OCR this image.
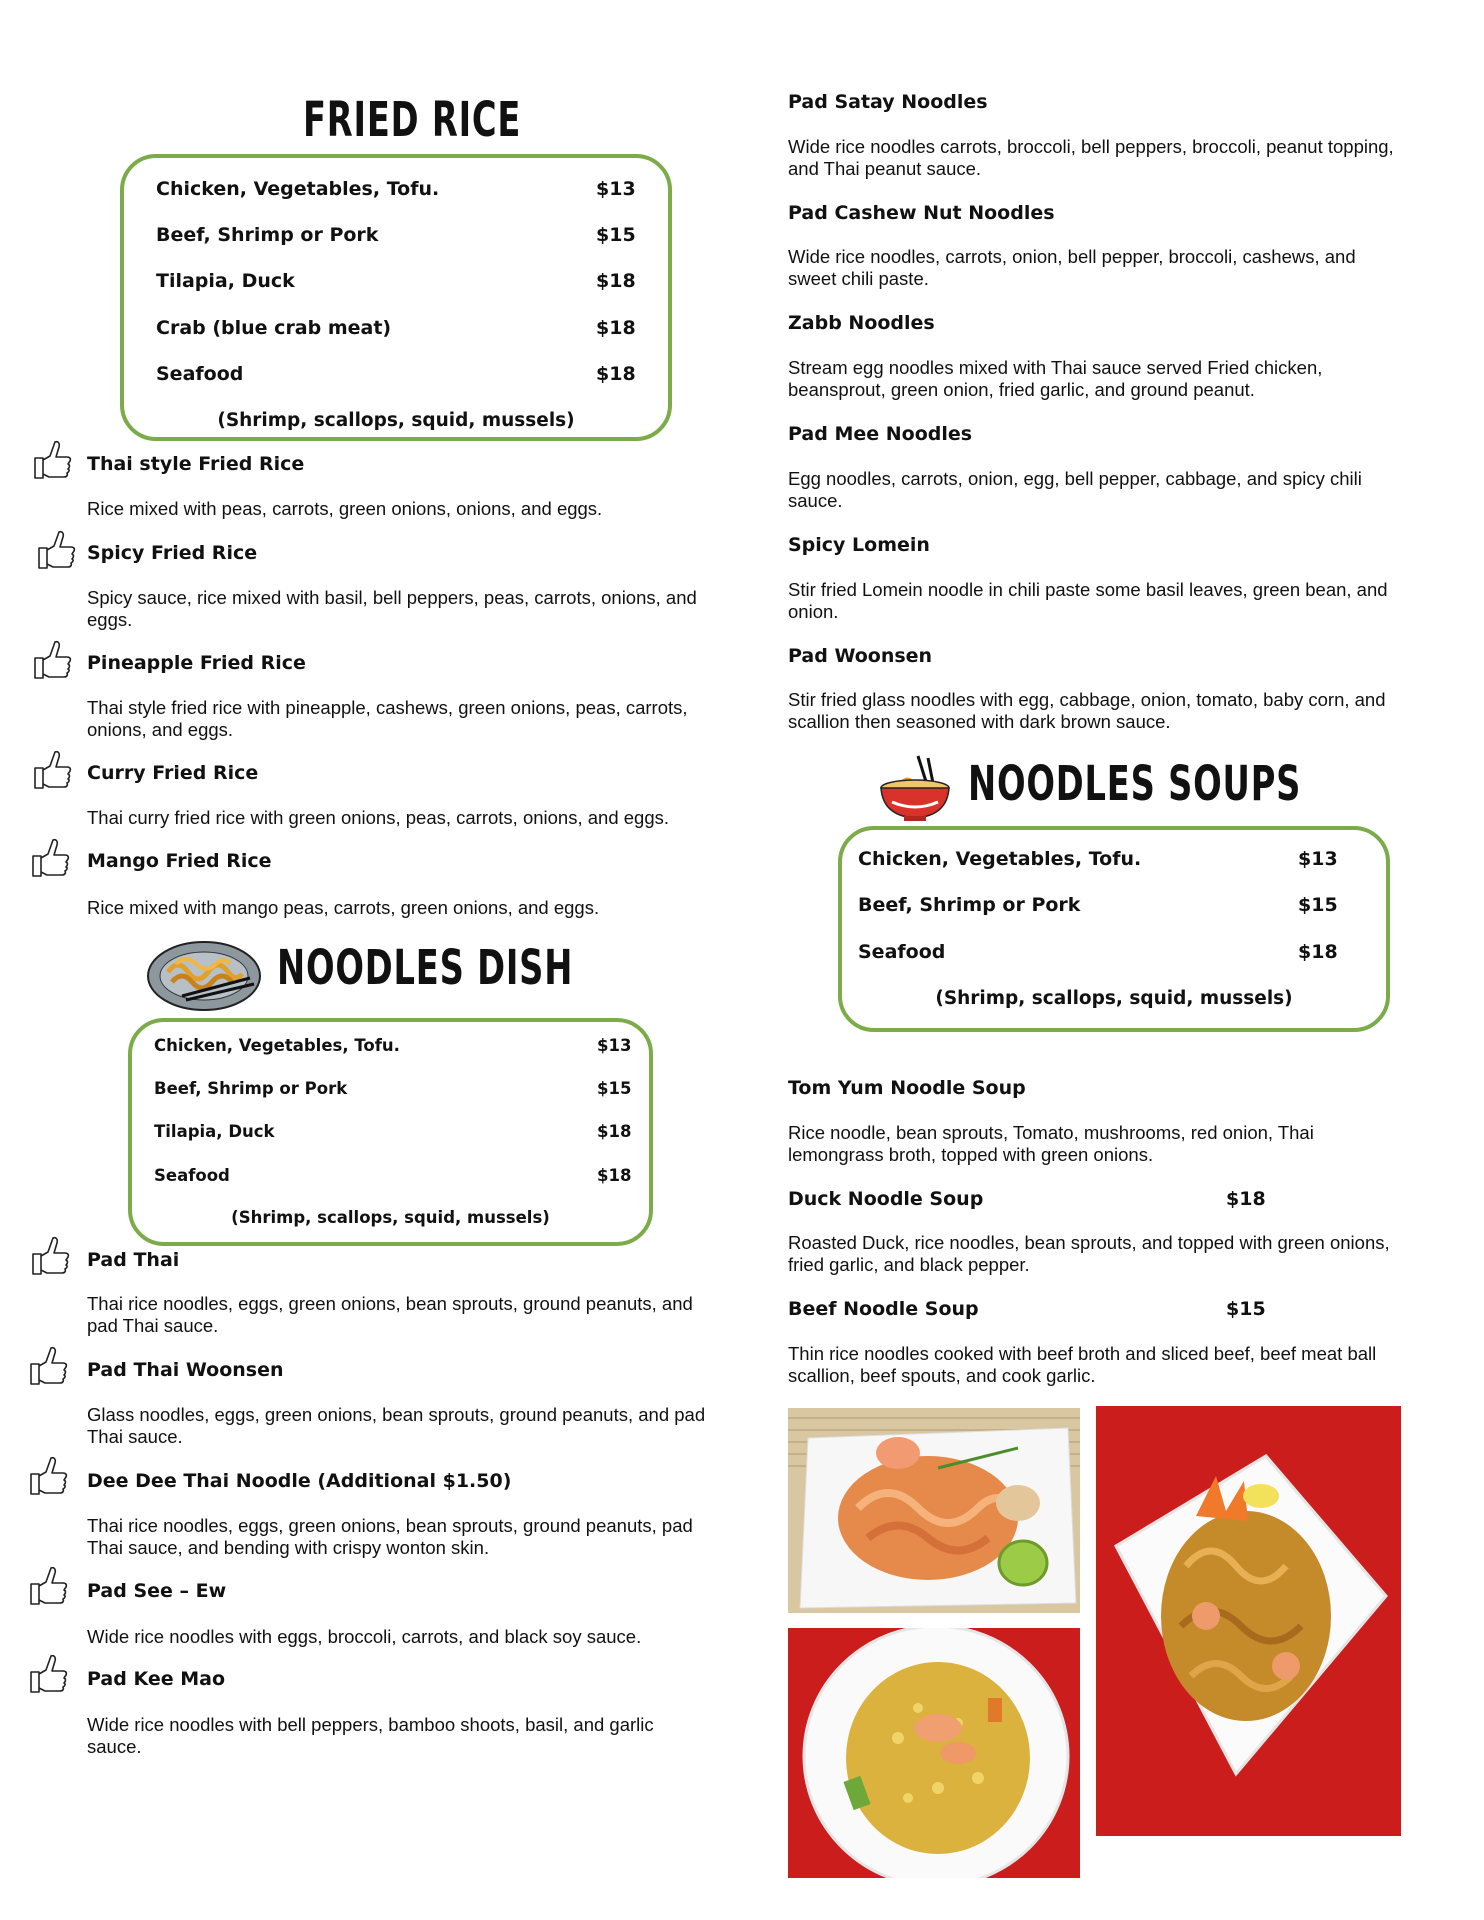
FRIED RICE
Chicken, Vegetables, Tofu.	$13
Beef, Shrimp or Pork	$15
Tilapia, Duck	$18
Crab (blue crab meat)	$18
Seafood	$18
(Shrimp, scallops, squid, mussels)
Thai style Fried Rice
Rice mixed with peas, carrots, green onions, onions, and eggs.
Spicy Fried Rice
Spicy sauce, rice mixed with basil, bell peppers, peas, carrots, onions, and eggs.
Pineapple Fried Rice
Thai style fried rice with pineapple, cashews, green onions, peas, carrots, onions, and eggs.
Curry Fried Rice
Thai curry fried rice with green onions, peas, carrots, onions, and eggs.
Mango Fried Rice
Rice mixed with mango peas, carrots, green onions, and eggs.
NOODLES DISH
Chicken, Vegetables, Tofu.	$13
Beef, Shrimp or Pork	$15
Tilapia, Duck	$18
Seafood	$18
(Shrimp, scallops, squid, mussels)
Pad Thai
Thai rice noodles, eggs, green onions, bean sprouts, ground peanuts, and pad Thai sauce.
Pad Thai Woonsen
Glass noodles, eggs, green onions, bean sprouts, ground peanuts, and pad Thai sauce.
Dee Dee Thai Noodle (Additional $1.50)
Thai rice noodles, eggs, green onions, bean sprouts, ground peanuts, pad Thai sauce, and bending with crispy wonton skin.
Pad See – Ew
Wide rice noodles with eggs, broccoli, carrots, and black soy sauce.
Pad Kee Mao
Wide rice noodles with bell peppers, bamboo shoots, basil, and garlic sauce.
Pad Satay Noodles
Wide rice noodles carrots, broccoli, bell peppers, broccoli, peanut topping, and Thai peanut sauce.
Pad Cashew Nut Noodles
Wide rice noodles, carrots, onion, bell pepper, broccoli, cashews, and sweet chili paste.
Zabb Noodles
Stream egg noodles mixed with Thai sauce served Fried chicken, beansprout, green onion, fried garlic, and ground peanut.
Pad Mee Noodles
Egg noodles, carrots, onion, egg, bell pepper, cabbage, and spicy chili sauce.
Spicy Lomein
Stir fried Lomein noodle in chili paste some basil leaves, green bean, and onion.
Pad Woonsen
Stir fried glass noodles with egg, cabbage, onion, tomato, baby corn, and scallion then seasoned with dark brown sauce.
NOODLES SOUPS
Chicken, Vegetables, Tofu.	$13
Beef, Shrimp or Pork	$15
Seafood	$18
(Shrimp, scallops, squid, mussels)
Tom Yum Noodle Soup
Rice noodle, bean sprouts, Tomato, mushrooms, red onion, Thai lemongrass broth, topped with green onions.
Duck Noodle Soup	$18
Roasted Duck, rice noodles, bean sprouts, and topped with green onions, fried garlic, and black pepper.
Beef Noodle Soup	$15
Thin rice noodles cooked with beef broth and sliced beef, beef meat ball scallion, beef spouts, and cook garlic.
